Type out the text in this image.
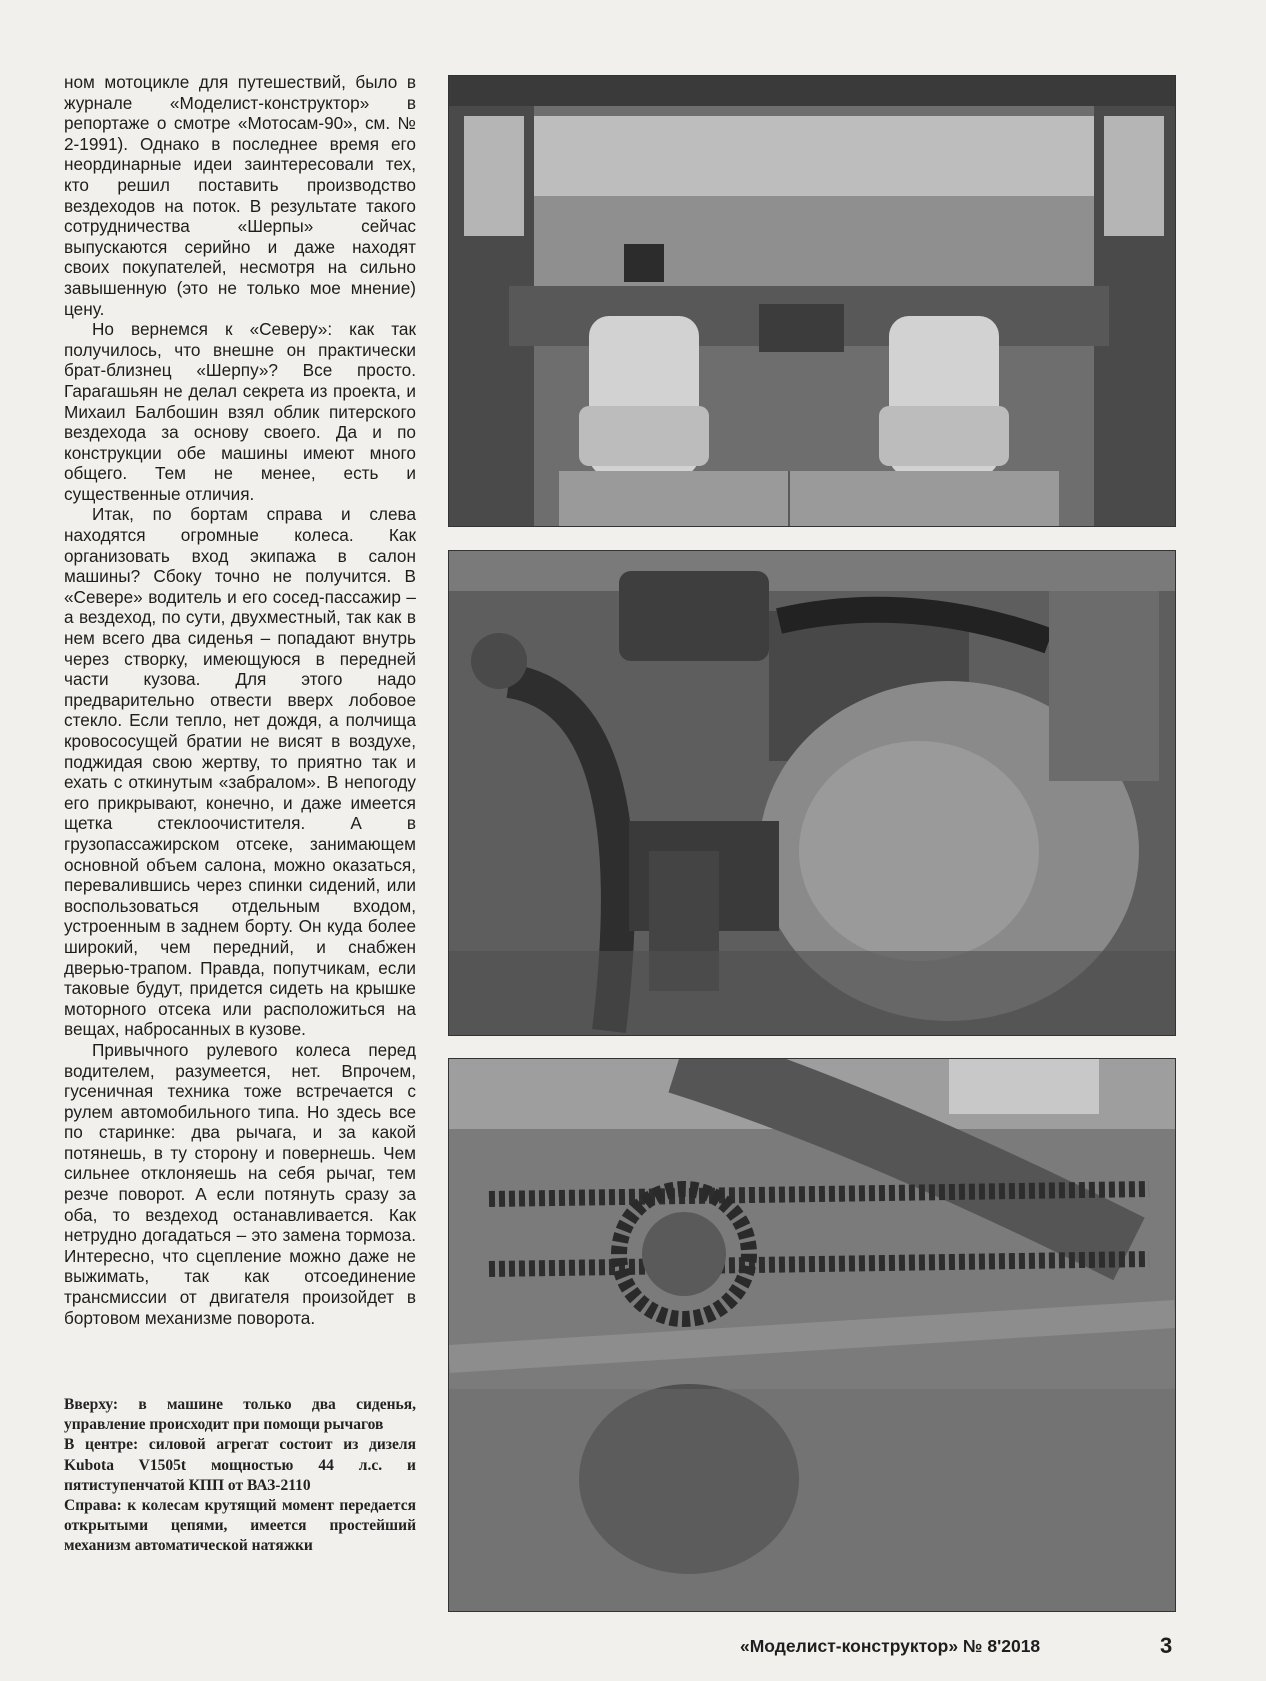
ном мотоцикле для путешествий, было в журнале «Моделист-конструктор» в репортаже о смотре «Мотосам-90», см. № 2-1991). Однако в последнее время его неординарные идеи заинтересовали тех, кто решил поставить производство вездеходов на поток. В результате такого сотрудничества «Шерпы» сейчас выпускаются серийно и даже находят своих покупателей, несмотря на сильно завышенную (это не только мое мнение) цену.

Но вернемся к «Северу»: как так получилось, что внешне он практически брат-близнец «Шерпу»? Все просто. Гарагашьян не делал секрета из проекта, и Михаил Балбошин взял облик питерского вездехода за основу своего. Да и по конструкции обе машины имеют много общего. Тем не менее, есть и существенные отличия.

Итак, по бортам справа и слева находятся огромные колеса. Как организовать вход экипажа в салон машины? Сбоку точно не получится. В «Севере» водитель и его сосед-пассажир – а вездеход, по сути, двухместный, так как в нем всего два сиденья – попадают внутрь через створку, имеющуюся в передней части кузова. Для этого надо предварительно отвести вверх лобовое стекло. Если тепло, нет дождя, а полчища кровососущей братии не висят в воздухе, поджидая свою жертву, то приятно так и ехать с откинутым «забралом». В непогоду его прикрывают, конечно, и даже имеется щетка стеклоочистителя. А в грузопассажирском отсеке, занимающем основной объем салона, можно оказаться, перевалившись через спинки сидений, или воспользоваться отдельным входом, устроенным в заднем борту. Он куда более широкий, чем передний, и снабжен дверью-трапом. Правда, попутчикам, если таковые будут, придется сидеть на крышке моторного отсека или расположиться на вещах, набросанных в кузове.

Привычного рулевого колеса перед водителем, разумеется, нет. Впрочем, гусеничная техника тоже встречается с рулем автомобильного типа. Но здесь все по старинке: два рычага, и за какой потянешь, в ту сторону и повернешь. Чем сильнее отклоняешь на себя рычаг, тем резче поворот. А если потянуть сразу за оба, то вездеход останавливается. Как нетрудно догадаться – это замена тормоза. Интересно, что сцепление можно даже не выжимать, так как отсоединение трансмиссии от двигателя произойдет в бортовом механизме поворота.

Вверху: в машине только два сиденья, управление происходит при помощи рычагов

В центре: силовой агрегат состоит из дизеля Kubota V1505t мощностью 44 л.с. и пятиступенчатой КПП от ВАЗ-2110

Справа: к колесам крутящий момент передается открытыми цепями, имеется простейший механизм автоматической натяжки

«Моделист-конструктор» № 8'2018	3
